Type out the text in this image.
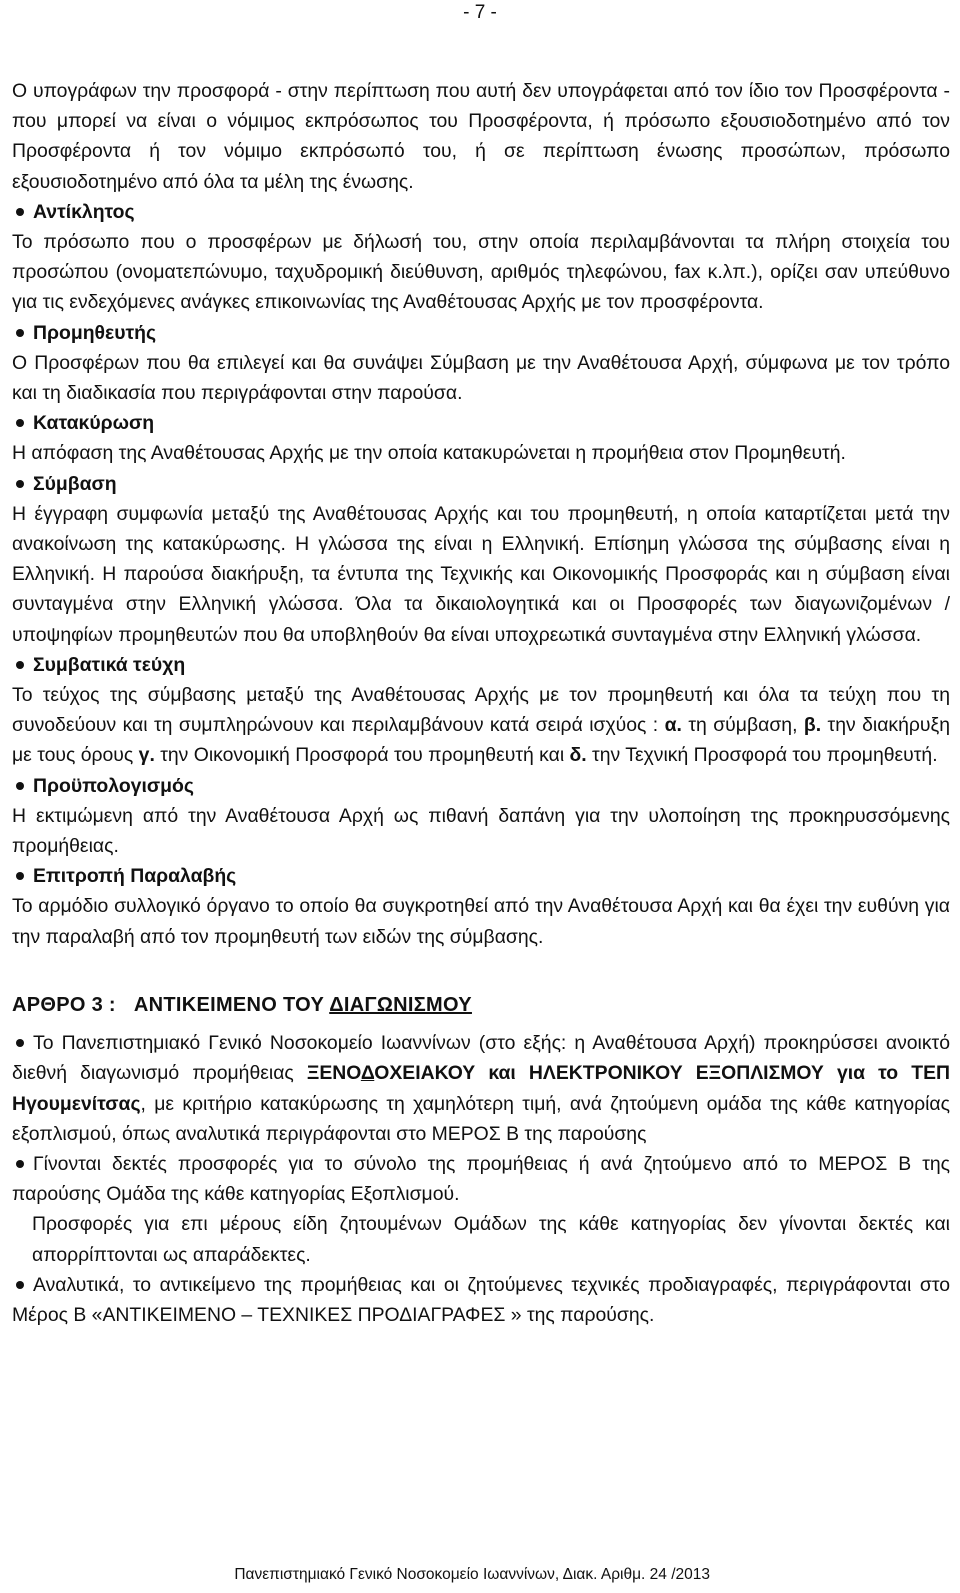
- 7 -

Ο υπογράφων την προσφορά - στην περίπτωση που αυτή δεν υπογράφεται από τον ίδιο τον Προσφέροντα - που μπορεί να είναι ο νόμιμος εκπρόσωπος του Προσφέροντα, ή πρόσωπο εξουσιοδοτημένο από τον Προσφέροντα ή τον νόμιμο εκπρόσωπό του, ή σε περίπτωση ένωσης προσώπων, πρόσωπο εξουσιοδοτημένο από όλα τα μέλη της ένωσης.

Αντίκλητος

Το πρόσωπο που ο προσφέρων με δήλωσή του, στην οποία περιλαμβάνονται τα πλήρη στοιχεία του προσώπου (ονοματεπώνυμο, ταχυδρομική διεύθυνση, αριθμός τηλεφώνου, fax κ.λπ.), ορίζει σαν υπεύθυνο για τις ενδεχόμενες ανάγκες επικοινωνίας της Αναθέτουσας Αρχής με τον προσφέροντα.

Προμηθευτής

Ο Προσφέρων που θα επιλεγεί και θα συνάψει Σύμβαση με την Αναθέτουσα Αρχή, σύμφωνα με τον τρόπο και τη διαδικασία που περιγράφονται στην παρούσα.

Κατακύρωση

Η απόφαση της Αναθέτουσας Αρχής με την οποία κατακυρώνεται η προμήθεια στον Προμηθευτή.

Σύμβαση

Η έγγραφη συμφωνία μεταξύ της Αναθέτουσας Αρχής και του προμηθευτή, η οποία καταρτίζεται μετά την ανακοίνωση της κατακύρωσης. Η γλώσσα της είναι η Ελληνική. Επίσημη γλώσσα της σύμβασης είναι η Ελληνική. Η παρούσα διακήρυξη, τα έντυπα της Τεχνικής και Οικονομικής Προσφοράς και η σύμβαση είναι συνταγμένα στην Ελληνική γλώσσα. Όλα τα δικαιολογητικά και οι Προσφορές των διαγωνιζομένων / υποψηφίων προμηθευτών που θα υποβληθούν θα είναι υποχρεωτικά συνταγμένα στην Ελληνική γλώσσα.

Συμβατικά τεύχη

Το τεύχος της σύμβασης μεταξύ της Αναθέτουσας Αρχής με τον προμηθευτή και όλα τα τεύχη που τη συνοδεύουν και τη συμπληρώνουν και περιλαμβάνουν κατά σειρά ισχύος : α. τη σύμβαση, β. την διακήρυξη με τους όρους γ. την Οικονομική Προσφορά του προμηθευτή και δ. την Τεχνική Προσφορά του προμηθευτή.

Προϋπολογισμός

Η εκτιμώμενη από την Αναθέτουσα Αρχή ως πιθανή δαπάνη για την υλοποίηση της προκηρυσσόμενης προμήθειας.

Επιτροπή Παραλαβής

Το αρμόδιο συλλογικό όργανο το οποίο θα συγκροτηθεί από την Αναθέτουσα Αρχή και θα έχει την ευθύνη για την παραλαβή από τον προμηθευτή των ειδών της σύμβασης.

ΑΡΘΡΟ 3 : ΑΝΤΙΚΕΙΜΕΝΟ ΤΟΥ ΔΙΑΓΩΝΙΣΜΟΥ

Το Πανεπιστημιακό Γενικό Νοσοκομείο Ιωαννίνων (στο εξής: η Αναθέτουσα Αρχή) προκηρύσσει ανοικτό διεθνή διαγωνισμό προμήθειας ΞΕΝΟΔΟΧΕΙΑΚΟΥ και ΗΛΕΚΤΡΟΝΙΚΟΥ ΕΞΟΠΛΙΣΜΟΥ για το ΤΕΠ Ηγουμενίτσας, με κριτήριο κατακύρωσης τη χαμηλότερη τιμή, ανά ζητούμενη ομάδα της κάθε κατηγορίας εξοπλισμού, όπως αναλυτικά περιγράφονται στο ΜΕΡΟΣ Β της παρούσης

Γίνονται δεκτές προσφορές για το σύνολο της προμήθειας ή ανά ζητούμενο από το ΜΕΡΟΣ Β της παρούσης Ομάδα της κάθε κατηγορίας Εξοπλισμού.

Προσφορές για επι μέρους είδη ζητουμένων Ομάδων της κάθε κατηγορίας δεν γίνονται δεκτές και απορρίπτονται ως απαράδεκτες.

Αναλυτικά, το αντικείμενο της προμήθειας και οι ζητούμενες τεχνικές προδιαγραφές, περιγράφονται στο Μέρος Β «ΑΝΤΙΚΕΙΜΕΝΟ – ΤΕΧΝΙΚΕΣ ΠΡΟΔΙΑΓΡΑΦΕΣ » της παρούσης.

Πανεπιστημιακό Γενικό Νοσοκομείο Ιωαννίνων, Διακ. Αριθμ. 24 /2013
